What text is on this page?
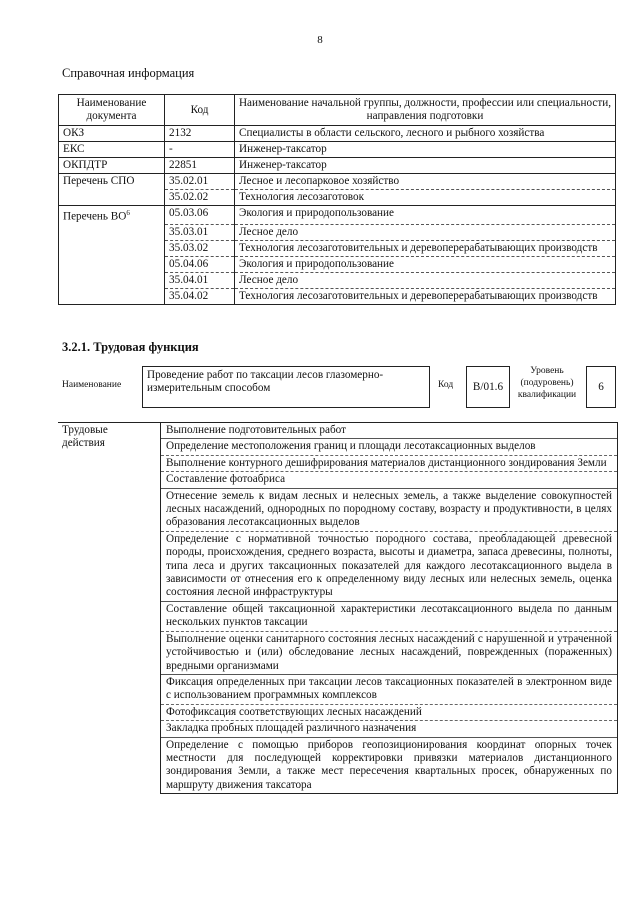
8
Справочная информация
Наименование документа	Код	Наименование начальной группы, должности, профессии или специальности, направления подготовки
ОКЗ	2132	Специалисты в области сельского, лесного и рыбного хозяйства
ЕКС	-	Инженер-таксатор
ОКПДТР	22851	Инженер-таксатор
Перечень СПО	35.02.01	Лесное и лесопарковое хозяйство
	35.02.02	Технология лесозаготовок
Перечень $ВО^6$	05.03.06	Экология и природопользование
	35.03.01	Лесное дело
	35.03.02	Технология лесозаготовительных и деревоперерабатывающих производств
	05.04.06	Экология и природопользование
	35.04.01	Лесное дело
	35.04.02	Технология лесозаготовительных и деревоперерабатывающих производств
3.2.1. Трудовая функция
Наименование
Проведение работ по таксации лесов глазомерно-измерительным способом	Код	B/01.6
Уровень
(подуровень)
квалификации
6
Трудовые
действия
Выполнение подготовительных работ
Определение местоположения границ и площади лесотаксационных выделов
Выполнение контурного дешифрирования материалов дистанционного зондирования Земли
Составление фотоабриса
Отнесение земель к видам лесных и нелесных земель, а также выделение совокупностей лесных насаждений, однородных по породному составу, возрасту и продуктивности, в целях образования лесотаксационных выделов
Определение с нормативной точностью породного состава, преобладающей древесной породы, происхождения, среднего возраста, высоты и диаметра, запаса древесины, полноты, типа леса и других таксационных показателей для каждого лесотаксационного выдела в зависимости от отнесения его к определенному виду лесных или нелесных земель, оценка состояния лесной инфраструктуры
Составление общей таксационной характеристики лесотаксационного выдела по данным нескольких пунктов таксации
Выполнение оценки санитарного состояния лесных насаждений с нарушенной и утраченной устойчивостью и (или) обследование лесных насаждений, поврежденных (пораженных) вредными организмами
Фиксация определенных при таксации лесов таксационных показателей в электронном виде с использованием программных комплексов
Фотофиксация соответствующих лесных насаждений
Закладка пробных площадей различного назначения
Определение с помощью приборов геопозиционирования координат опорных точек местности для последующей корректировки привязки материалов дистанционного зондирования Земли, а также мест пересечения квартальных просек, обнаруженных по маршруту движения таксатора
